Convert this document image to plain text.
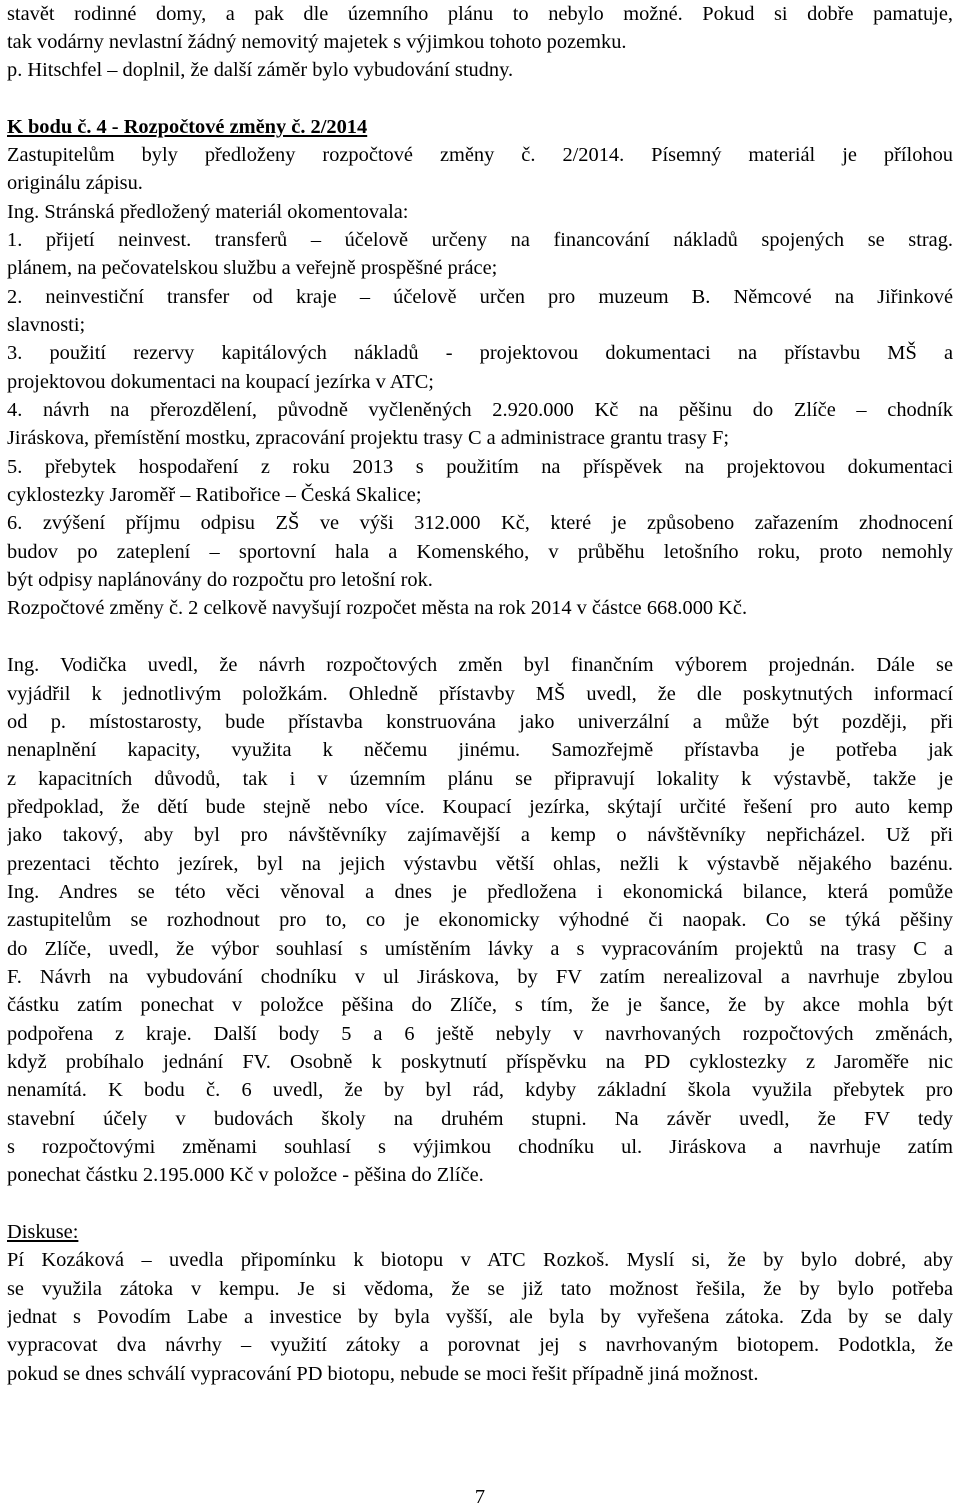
stavět rodinné domy, a pak dle územního plánu to nebylo možné. Pokud si dobře pamatuje,

tak vodárny nevlastní žádný nemovitý majetek s výjimkou tohoto pozemku.

p. Hitschfel – doplnil, že další záměr bylo vybudování studny.

K bodu č. 4 - Rozpočtové změny č. 2/2014

Zastupitelům byly předloženy rozpočtové změny č. 2/2014. Písemný materiál je přílohou

originálu zápisu.

Ing. Stránská předložený materiál okomentovala:

1. přijetí neinvest. transferů – účelově určeny na financování nákladů spojených se strag.

plánem, na pečovatelskou službu a veřejně prospěšné práce;

2. neinvestiční transfer od kraje – účelově určen pro muzeum B. Němcové na Jiřinkové

slavnosti;

3. použití rezervy kapitálových nákladů - projektovou dokumentaci na přístavbu MŠ a

projektovou dokumentaci na koupací jezírka v ATC;

4. návrh na přerozdělení, původně vyčleněných 2.920.000 Kč na pěšinu do Zlíče – chodník

Jiráskova, přemístění mostku, zpracování projektu trasy C a administrace grantu trasy F;

5. přebytek hospodaření z roku 2013 s použitím na příspěvek na projektovou dokumentaci

cyklostezky Jaroměř – Ratibořice – Česká Skalice;

6. zvýšení příjmu odpisu ZŠ ve výši 312.000 Kč, které je způsobeno zařazením zhodnocení

budov po zateplení – sportovní hala a Komenského, v průběhu letošního roku, proto nemohly

být odpisy naplánovány do rozpočtu pro letošní rok.

Rozpočtové změny č. 2 celkově navyšují rozpočet města na rok 2014 v částce 668.000 Kč.

Ing. Vodička uvedl, že návrh rozpočtových změn byl finančním výborem projednán. Dále se

vyjádřil k jednotlivým položkám. Ohledně přístavby MŠ uvedl, že dle poskytnutých informací

od p. místostarosty, bude přístavba konstruována jako univerzální a může být později, při

nenaplnění kapacity, využita k něčemu jinému. Samozřejmě přístavba je potřeba jak

z kapacitních důvodů, tak i v územním plánu se připravují lokality k výstavbě, takže je

předpoklad, že dětí bude stejně nebo více. Koupací jezírka, skýtají určité řešení pro auto kemp

jako takový, aby byl pro návštěvníky zajímavější a kemp o návštěvníky nepřicházel. Už při

prezentaci těchto jezírek, byl na jejich výstavbu větší ohlas, nežli k výstavbě nějakého bazénu.

Ing. Andres se této věci věnoval a dnes je předložena i ekonomická bilance, která pomůže

zastupitelům se rozhodnout pro to, co je ekonomicky výhodné či naopak. Co se týká pěšiny

do Zlíče, uvedl, že výbor souhlasí s umístěním lávky a s vypracováním projektů na trasy C a

F. Návrh na vybudování chodníku v ul Jiráskova, by FV zatím nerealizoval a navrhuje zbylou

částku zatím ponechat v položce pěšina do Zlíče, s tím, že je šance, že by akce mohla být

podpořena z kraje. Další body 5 a 6 ještě nebyly v navrhovaných rozpočtových změnách,

když probíhalo jednání FV. Osobně k poskytnutí příspěvku na PD cyklostezky z Jaroměře nic

nenamítá. K bodu č. 6 uvedl, že by byl rád, kdyby základní škola využila přebytek pro

stavební účely v budovách školy na druhém stupni. Na závěr uvedl, že FV tedy

s rozpočtovými změnami souhlasí s výjimkou chodníku ul. Jiráskova a navrhuje zatím

ponechat částku 2.195.000 Kč v položce - pěšina do Zlíče.

Diskuse:

Pí Kozáková – uvedla připomínku k biotopu v ATC Rozkoš. Myslí si, že by bylo dobré, aby

se využila zátoka v kempu. Je si vědoma, že se již tato možnost řešila, že by bylo potřeba

jednat s Povodím Labe a investice by byla vyšší, ale byla by vyřešena zátoka. Zda by se daly

vypracovat dva návrhy – využití zátoky a porovnat jej s navrhovaným biotopem. Podotkla, že

pokud se dnes schválí vypracování PD biotopu, nebude se moci řešit případně jiná možnost.

7
